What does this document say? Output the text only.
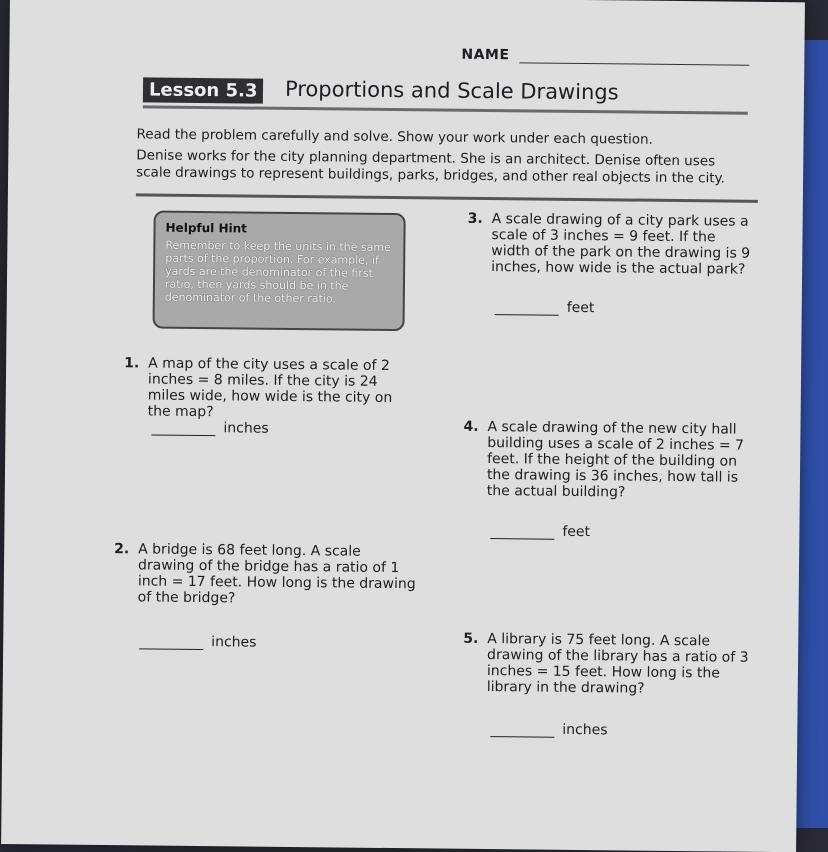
NAME
Lesson 5.3 Proportions and Scale Drawings

Read the problem carefully and solve. Show your work under each question.

Denise works for the city planning department. She is an architect. Denise often uses scale drawings to represent buildings, parks, bridges, and other real objects in the city.

Helpful Hint
Remember to keep the units in the same parts of the proportion. For example, if yards are the denominator of the first ratio, then yards should be in the denominator of the other ratio.
1. A map of the city uses a scale of 2 inches = 8 miles. If the city is 24 miles wide, how wide is the city on the map?
inches
2. A bridge is 68 feet long. A scale drawing of the bridge has a ratio of 1 inch = 17 feet. How long is the drawing of the bridge?
inches
3. A scale drawing of a city park uses a scale of 3 inches = 9 feet. If the width of the park on the drawing is 9 inches, how wide is the actual park?
feet
4. A scale drawing of the new city hall building uses a scale of 2 inches = 7 feet. If the height of the building on the drawing is 36 inches, how tall is the actual building?
feet
5. A library is 75 feet long. A scale drawing of the library has a ratio of 3 inches = 15 feet. How long is the library in the drawing?
inches
